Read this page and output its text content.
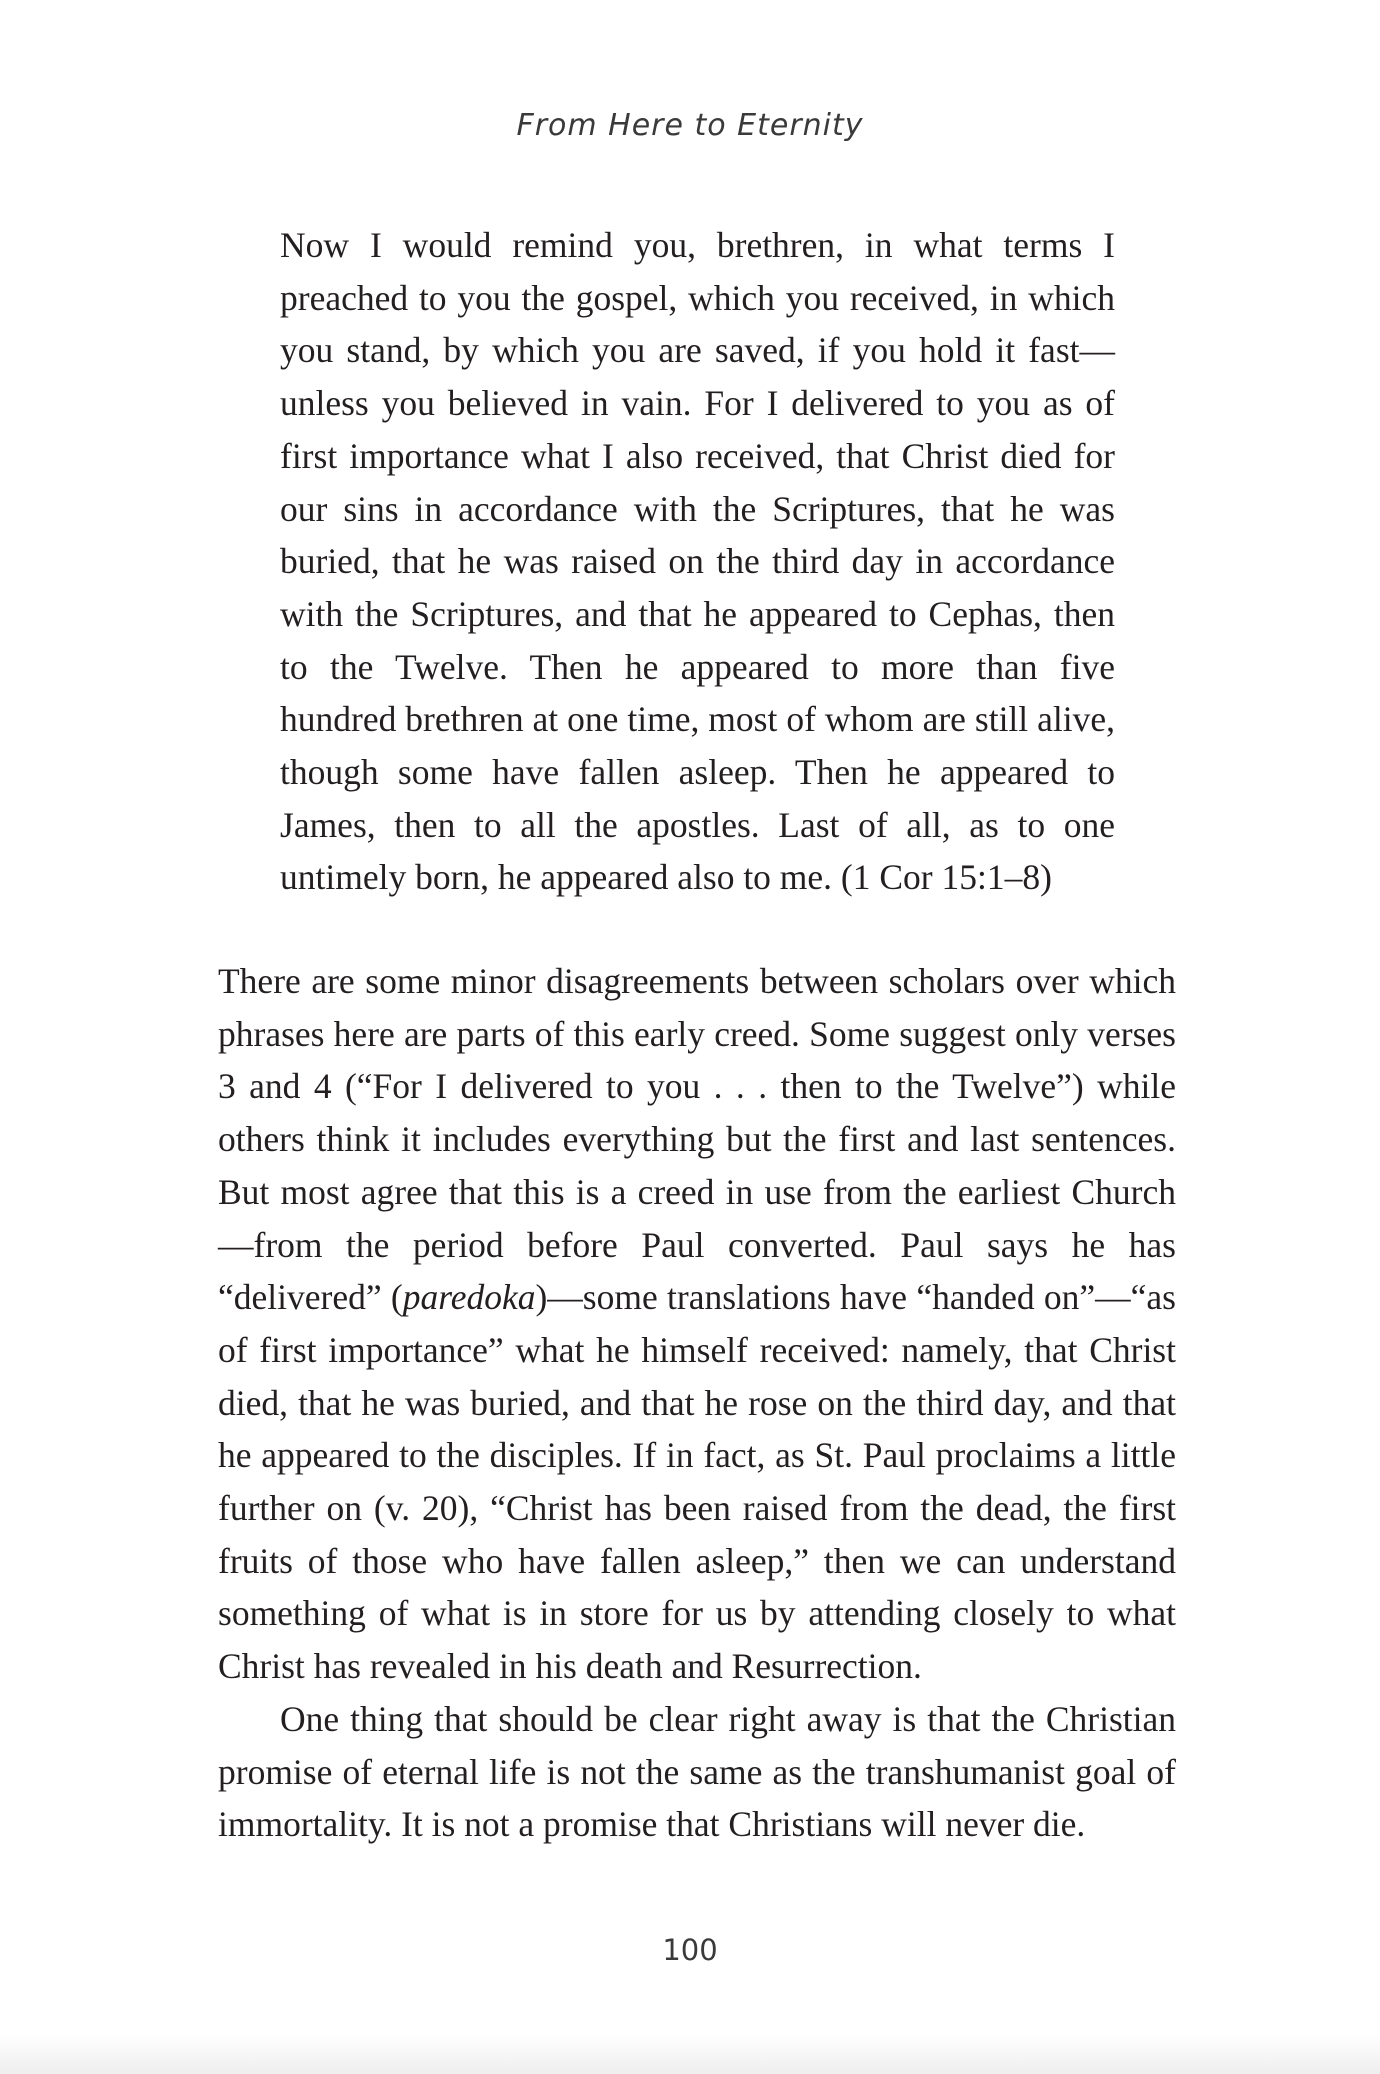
From Here to Eternity

Now I would remind you, brethren, in what terms I preached to you the gospel, which you received, in which you stand, by which you are saved, if you hold it fast—unless you believed in vain. For I delivered to you as of first importance what I also received, that Christ died for our sins in accordance with the Scriptures, that he was buried, that he was raised on the third day in accordance with the Scriptures, and that he appeared to Cephas, then to the Twelve. Then he appeared to more than five hundred brethren at one time, most of whom are still alive, though some have fallen asleep. Then he appeared to James, then to all the apostles. Last of all, as to one untimely born, he appeared also to me. (1 Cor 15:1–8)

There are some minor disagreements between scholars over which phrases here are parts of this early creed. Some suggest only verses 3 and 4 (“For I delivered to you . . . then to the Twelve”) while others think it includes everything but the first and last sentences. But most agree that this is a creed in use from the earliest Church—from the period before Paul converted. Paul says he has “delivered” (paredoka)—some translations have “handed on”—“as of first importance” what he himself received: namely, that Christ died, that he was buried, and that he rose on the third day, and that he appeared to the disciples. If in fact, as St. Paul proclaims a little further on (v. 20), “Christ has been raised from the dead, the first fruits of those who have fallen asleep,” then we can understand something of what is in store for us by attending closely to what Christ has revealed in his death and Resurrection.

One thing that should be clear right away is that the Christian promise of eternal life is not the same as the transhumanist goal of immortality. It is not a promise that Christians will never die.

100
